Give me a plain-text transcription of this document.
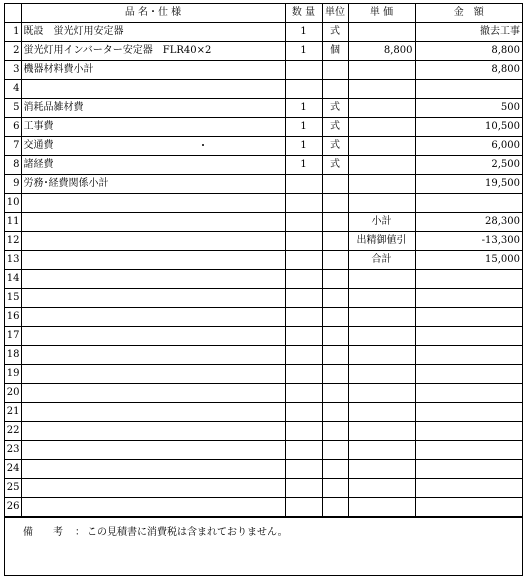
	品 名・仕 様	数 量	単位	単 価	金　額
1	既設　蛍光灯用安定器	1	式		撤去工事
2	蛍光灯用インバーター安定器　FLR40×2	1	個	8,800	8,800
3	機器材料費小計				8,800
4					
5	消耗品雑材費	1	式		500
6	工事費	1	式		10,500
7	交通費	1	式		6,000
8	諸経費	1	式		2,500
9	労務･経費関係小計				19,500
10					
11				小計	28,300
12				出精御値引	-13,300
13				合計	15,000
14					
15					
16					
17					
18					
19					
20					
21					
22					
23					
24					
25					
26					
備　　考 ： この見積書に消費税は含まれておりません。
